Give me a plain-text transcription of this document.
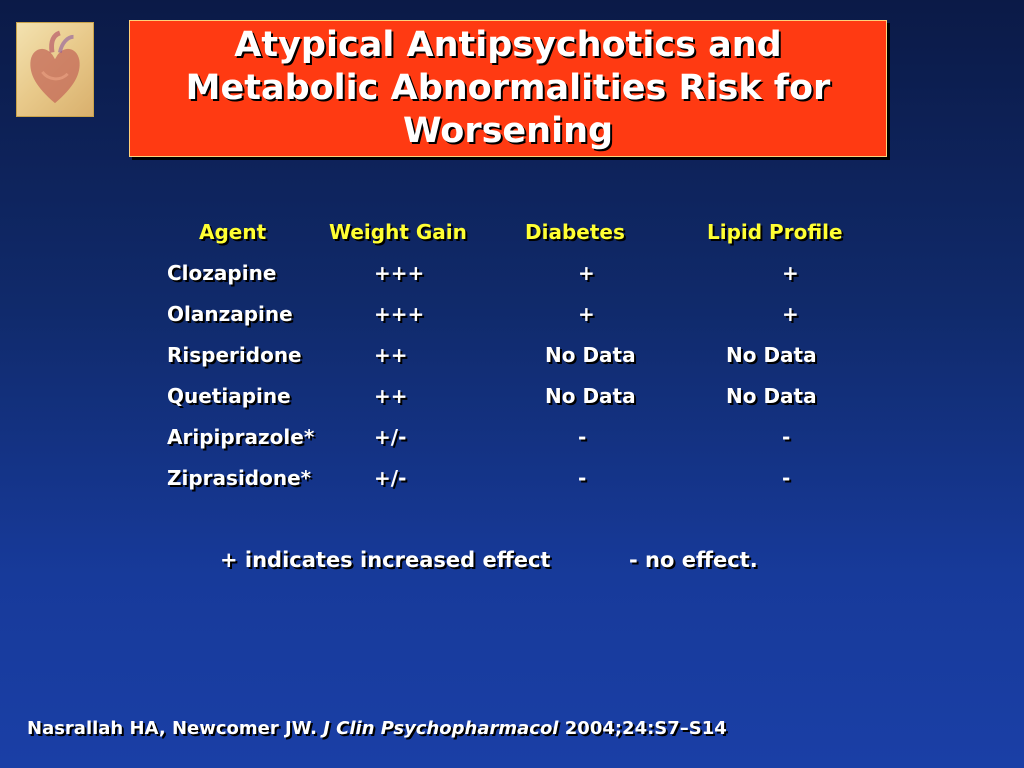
Atypical Antipsychotics and Metabolic Abnormalities Risk for Worsening
Agent	Weight Gain	Diabetes	Lipid Profile
Clozapine	+++	+	+
Olanzapine	+++	+	+
Risperidone	++	No Data	No Data
Quetiapine	++	No Data	No Data
Aripiprazole*	+/-	-	-
Ziprasidone*	+/-	-	-
+ indicates increased effect	- no effect.
Nasrallah HA, Newcomer JW. J Clin Psychopharmacol 2004;24:S7–S14
